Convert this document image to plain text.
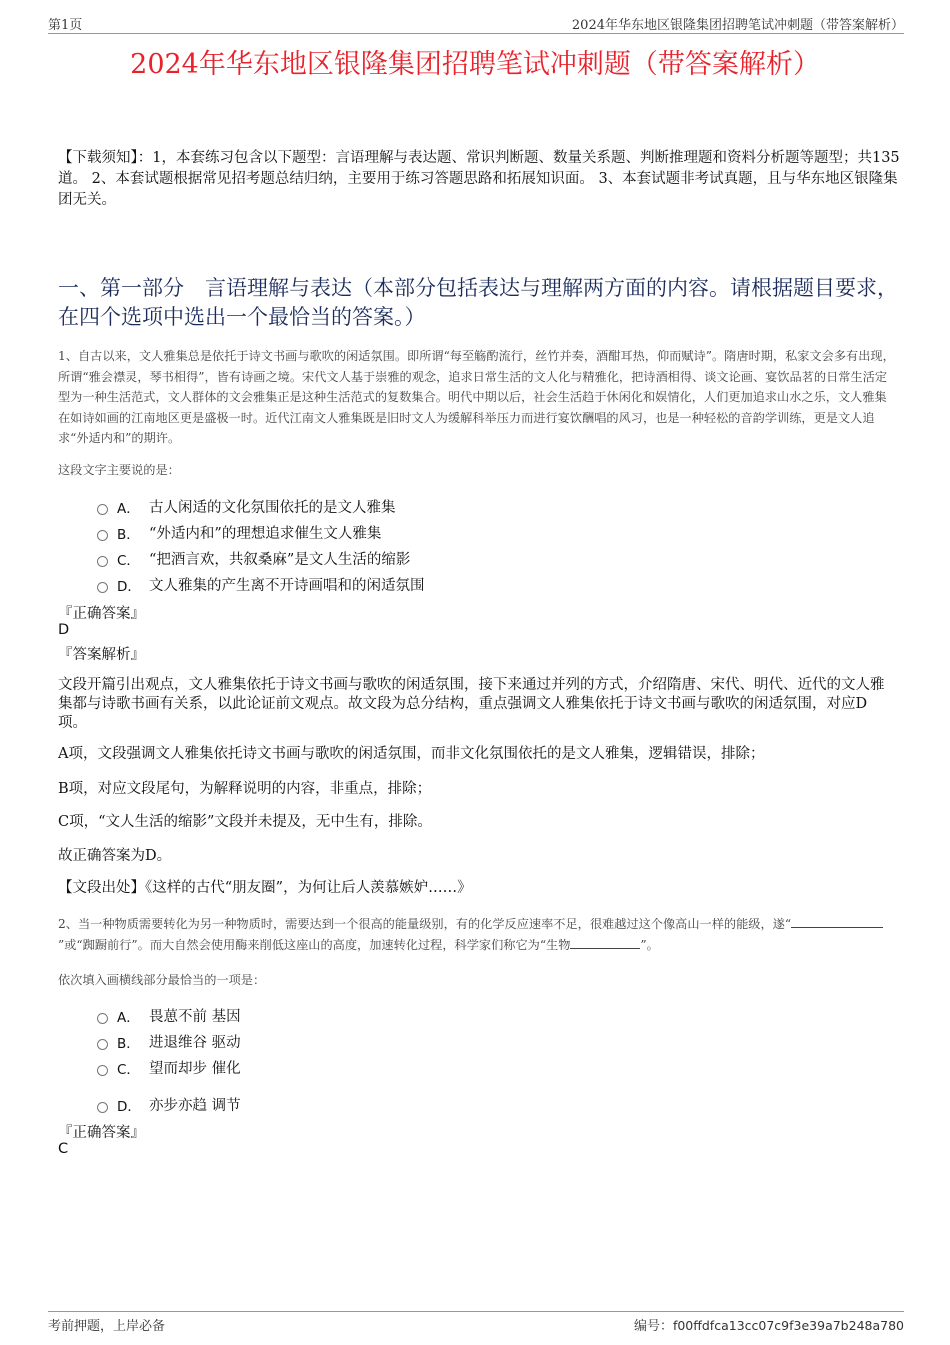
第1页	2024年华东地区银隆集团招聘笔试冲刺题（带答案解析）
2024年华东地区银隆集团招聘笔试冲刺题（带答案解析）
【下载须知】：1，本套练习包含以下题型：言语理解与表达题、常识判断题、数量关系题、判断推理题和资料分析题等题型；共135道。 2、本套试题根据常见招考题总结归纳，主要用于练习答题思路和拓展知识面。 3、本套试题非考试真题，且与华东地区银隆集团无关。
一、第一部分　言语理解与表达（本部分包括表达与理解两方面的内容。请根据题目要求，在四个选项中选出一个最恰当的答案。）
1、自古以来，文人雅集总是依托于诗文书画与歌吹的闲适氛围。即所谓“每至觞酌流行，丝竹并奏，酒酣耳热，仰而赋诗”。隋唐时期，私家文会多有出现，所谓“雅会襟灵，琴书相得”，皆有诗画之境。宋代文人基于崇雅的观念，追求日常生活的文人化与精雅化，把诗酒相得、谈文论画、宴饮品茗的日常生活定型为一种生活范式，文人群体的文会雅集正是这种生活范式的复数集合。明代中期以后，社会生活趋于休闲化和娱情化，人们更加追求山水之乐，文人雅集在如诗如画的江南地区更是盛极一时。近代江南文人雅集既是旧时文人为缓解科举压力而进行宴饮酬唱的风习，也是一种轻松的音韵学训练，更是文人追求“外适内和”的期许。
这段文字主要说的是：
A． 古人闲适的文化氛围依托的是文人雅集
B． “外适内和”的理想追求催生文人雅集
C． “把酒言欢，共叙桑麻”是文人生活的缩影
D． 文人雅集的产生离不开诗画唱和的闲适氛围
『正确答案』
D
『答案解析』
文段开篇引出观点，文人雅集依托于诗文书画与歌吹的闲适氛围，接下来通过并列的方式，介绍隋唐、宋代、明代、近代的文人雅集都与诗歌书画有关系，以此论证前文观点。故文段为总分结构，重点强调文人雅集依托于诗文书画与歌吹的闲适氛围，对应D项。
A项，文段强调文人雅集依托诗文书画与歌吹的闲适氛围，而非文化氛围依托的是文人雅集，逻辑错误，排除；
B项，对应文段尾句，为解释说明的内容，非重点，排除；
C项，“文人生活的缩影”文段并未提及，无中生有，排除。
故正确答案为D。
【文段出处】《这样的古代“朋友圈”，为何让后人羡慕嫉妒……》
2、当一种物质需要转化为另一种物质时，需要达到一个很高的能量级别，有的化学反应速率不足，很难越过这个像高山一样的能级，遂“”或“踟蹰前行”。而大自然会使用酶来削低这座山的高度，加速转化过程，科学家们称它为“生物	”。
依次填入画横线部分最恰当的一项是：
A． 畏葸不前 基因
B． 进退维谷 驱动
C． 望而却步 催化
D． 亦步亦趋 调节
『正确答案』
C
考前押题，上岸必备	编号：f00ffdfca13cc07c9f3e39a7b248a780
